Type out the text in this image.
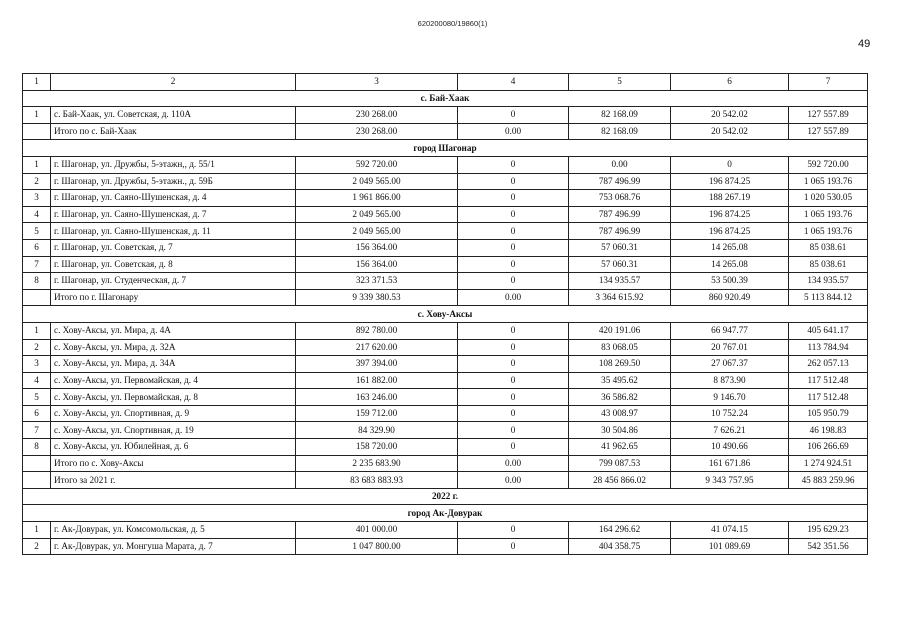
620200080/19860(1)
49
1	2	3	4	5	6	7
с. Бай-Хаак						
1	с. Бай-Хаак, ул. Советская, д. 110А	230 268.00	0	82 168.09	20 542.02	127 557.89
	Итого по с. Бай-Хаак	230 268.00	0.00	82 168.09	20 542.02	127 557.89
город Шагонар						
1	г. Шагонар, ул. Дружбы, 5-этажн,, д. 55/1	592 720.00	0	0.00	0	592 720.00
2	г. Шагонар, ул. Дружбы, 5-этажн., д. 59Б	2 049 565.00	0	787 496.99	196 874.25	1 065 193.76
3	г. Шагонар, ул. Саяно-Шушенская, д. 4	1 961 866.00	0	753 068.76	188 267.19	1 020 530.05
4	г. Шагонар, ул. Саяно-Шушенская, д. 7	2 049 565.00	0	787 496.99	196 874.25	1 065 193.76
5	г. Шагонар, ул. Саяно-Шушенская, д. 11	2 049 565.00	0	787 496.99	196 874.25	1 065 193.76
6	г. Шагонар, ул. Советская, д. 7	156 364.00	0	57 060.31	14 265.08	85 038.61
7	г. Шагонар, ул. Советская, д. 8	156 364.00	0	57 060.31	14 265.08	85 038.61
8	г. Шагонар, ул. Студенческая, д. 7	323 371.53	0	134 935.57	53 500.39	134 935.57
	Итого по г. Шагонару	9 339 380.53	0.00	3 364 615.92	860 920.49	5 113 844.12
с. Хову-Аксы						
1	с. Хову-Аксы, ул. Мира, д. 4А	892 780.00	0	420 191.06	66 947.77	405 641.17
2	с. Хову-Аксы, ул. Мира, д. 32А	217 620.00	0	83 068.05	20 767.01	113 784.94
3	с. Хову-Аксы, ул. Мира, д. 34А	397 394.00	0	108 269.50	27 067.37	262 057.13
4	с. Хову-Аксы, ул. Первомайская, д. 4	161 882.00	0	35 495.62	8 873.90	117 512.48
5	с. Хову-Аксы, ул. Первомайская, д. 8	163 246.00	0	36 586.82	9 146.70	117 512.48
6	с. Хову-Аксы, ул. Спортивная, д. 9	159 712.00	0	43 008.97	10 752.24	105 950.79
7	с. Хову-Аксы, ул. Спортивная, д. 19	84 329.90	0	30 504.86	7 626.21	46 198.83
8	с. Хову-Аксы, ул. Юбилейная, д. 6	158 720.00	0	41 962.65	10 490.66	106 266.69
	Итого по с. Хову-Аксы	2 235 683.90	0.00	799 087.53	161 671.86	1 274 924.51
	Итого за 2021 г.	83 683 883.93	0.00	28 456 866.02	9 343 757.95	45 883 259.96
2022 г.						
город Ак-Довурак						
1	г. Ак-Довурак, ул. Комсомольская, д. 5	401 000.00	0	164 296.62	41 074.15	195 629.23
2	г. Ак-Довурак, ул. Монгуша Марата, д. 7	1 047 800.00	0	404 358.75	101 089.69	542 351.56
